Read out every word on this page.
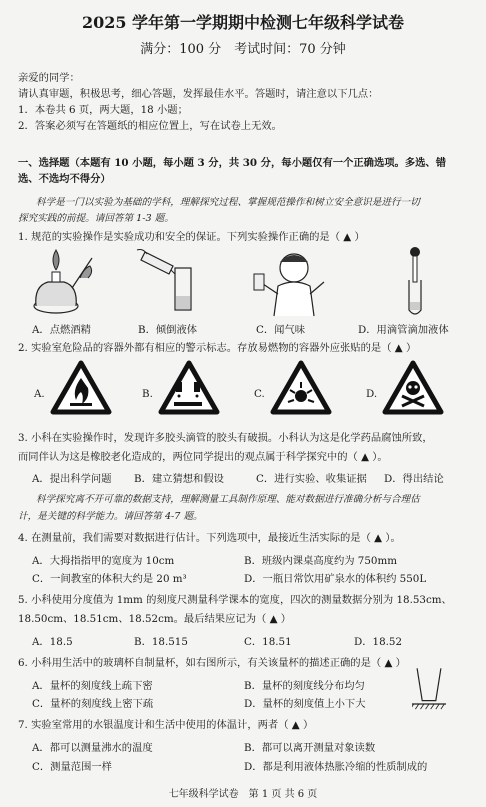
2025 学年第一学期期中检测七年级科学试卷
满分：100 分　考试时间：70 分钟
亲爱的同学：
请认真审题，积极思考，细心答题，发挥最佳水平。答题时，请注意以下几点：
1．本卷共 6 页，两大题，18 小题；
2．答案必须写在答题纸的相应位置上，写在试卷上无效。
一、选择题（本题有 10 小题，每小题 3 分，共 30 分，每小题仅有一个正确选项。多选、错
选、不选均不得分）
科学是一门以实验为基础的学科，理解探究过程、掌握规范操作和树立安全意识是进行一切
探究实践的前提。请回答第 1-3 题。
1. 规范的实验操作是实验成功和安全的保证。下列实验操作正确的是（ ▲ ）
A．点燃酒精	B．倾倒液体	C．闻气味	D．用滴管滴加液体
2. 实验室危险品的容器外都有相应的警示标志。存放易燃物的容器外应张贴的是（ ▲ ）
A.	B.	C.	D.
3. 小科在实验操作时，发现许多胶头滴管的胶头有破损。小科认为这是化学药品腐蚀所致，
而同伴认为这是橡胶老化造成的，两位同学提出的观点属于科学探究中的（ ▲ ）。
A．提出科学问题 B．建立猜想和假设	C．进行实验、收集证据 D．得出结论
科学探究离不开可靠的数据支持，理解测量工具制作原理、能对数据进行准确分析与合理估
计，是关键的科学能力。请回答第 4-7 题。
4. 在测量前，我们需要对数据进行估计。下列选项中，最接近生活实际的是（ ▲ ）。
A．大拇指指甲的宽度为 10cm	B．班级内课桌高度约为 750mm
C．一间教室的体积大约是 20 m³	D．一瓶日常饮用矿泉水的体积约 550L
5. 小科使用分度值为 1mm 的刻度尺测量科学课本的宽度，四次的测量数据分别为 18.53cm、
18.50cm、18.51cm、18.52cm。最后结果应记为（ ▲ ）
A．18.5	B．18.515	C．18.51	D．18.52
6. 小科用生活中的玻璃杯自制量杯，如右图所示，有关该量杯的描述正确的是（ ▲ ）
A．量杯的刻度线上疏下密	B．量杯的刻度线分布均匀
C．量杯的刻度线上密下疏	D．量杯的刻度值上小下大
7. 实验室常用的水银温度计和生活中使用的体温计，两者（ ▲ ）
A．都可以测量沸水的温度	B．都可以离开测量对象读数
C．测量范围一样	D．都是利用液体热胀冷缩的性质制成的
七年级科学试卷　第 1 页 共 6 页
